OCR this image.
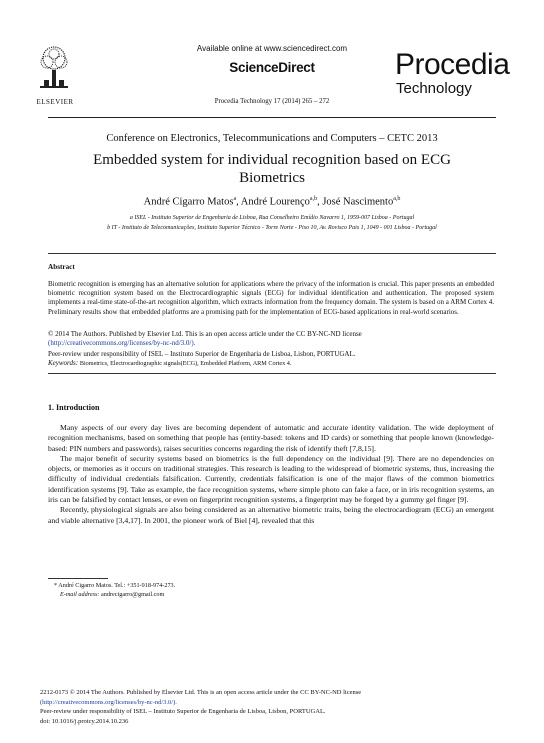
ELSEVIER
Available online at www.sciencedirect.com
ScienceDirect
Procedia Technology 17 (2014) 265 – 272
Procedia
Technology
Conference on Electronics, Telecommunications and Computers – CETC 2013
Embedded system for individual recognition based on ECG
Biometrics
André Cigarro Matos$^a$, André Lourenço$^{a,b}$, José Nascimento$^{a,b}$
a ISEL - Instituto Superior de Engenharia de Lisboa, Rua Conselheiro Emídio Navarro 1, 1959-007 Lisboa - Portugal
b IT - Instituto de Telecomunicações, Instituto Superior Técnico - Torre Norte - Piso 10, Av. Rovisco Pais 1, 1049 - 001 Lisboa - Portugal
Abstract
Biometric recognition is emerging has an alternative solution for applications where the privacy of the information is crucial. This paper presents an embedded biometric recognition system based on the Electrocardiographic signals (ECG) for individual identification and authentication. The proposed system implements a real-time state-of-the-art recognition algorithm, which extracts information from the frequency domain. The system is based on a ARM Cortex 4. Preliminary results show that embedded platforms are a promising path for the implementation of ECG-based applications in real-world scenarios.
© 2014 The Authors. Published by Elsevier Ltd. This is an open access article under the CC BY-NC-ND license
(http://creativecommons.org/licenses/by-nc-nd/3.0/).
Peer-review under responsibility of ISEL – Instituto Superior de Engenharia de Lisboa, Lisbon, PORTUGAL.
Keywords: Biometrics, Electrocardiographic signals(ECG), Embedded Platform, ARM Cortex 4.
1. Introduction

Many aspects of our every day lives are becoming dependent of automatic and accurate identity validation. The wide deployment of recognition mechanisms, based on something that people has (entity-based: tokens and ID cards) or something that people known (knowledge-based: PIN numbers and passwords), raises securities concerns regarding the risk of identify theft [7,8,15].

The major benefit of security systems based on biometrics is the full dependency on the individual [9]. There are no dependencies on objects, or memories as it occurs on traditional strategies. This research is leading to the widespread of biometric systems, thus, increasing the difficulty of individual credentials falsification. Currently, credentials falsification is one of the major flaws of the common biometrics identification systems [9]. Take as example, the face recognition systems, where simple photo can fake a face, or in iris recognition systems, an iris can be falsified by contact lenses, or even on fingerprint recognition systems, a fingerprint may be forged by a gummy gel finger [9].

Recently, physiological signals are also being considered as an alternative biometric traits, being the electrocardiogram (ECG) an emergent and viable alternative [3,4,17]. In 2001, the pioneer work of Biel [4], revealed that this

* André Cigarro Matos. Tel.: +351-918-974-273.
E-mail address: andrecigarro@gmail.com
2212-0173 © 2014 The Authors. Published by Elsevier Ltd. This is an open access article under the CC BY-NC-ND license
(http://creativecommons.org/licenses/by-nc-nd/3.0/).
Peer-review under responsibility of ISEL – Instituto Superior de Engenharia de Lisboa, Lisbon, PORTUGAL.
doi: 10.1016/j.protcy.2014.10.236
